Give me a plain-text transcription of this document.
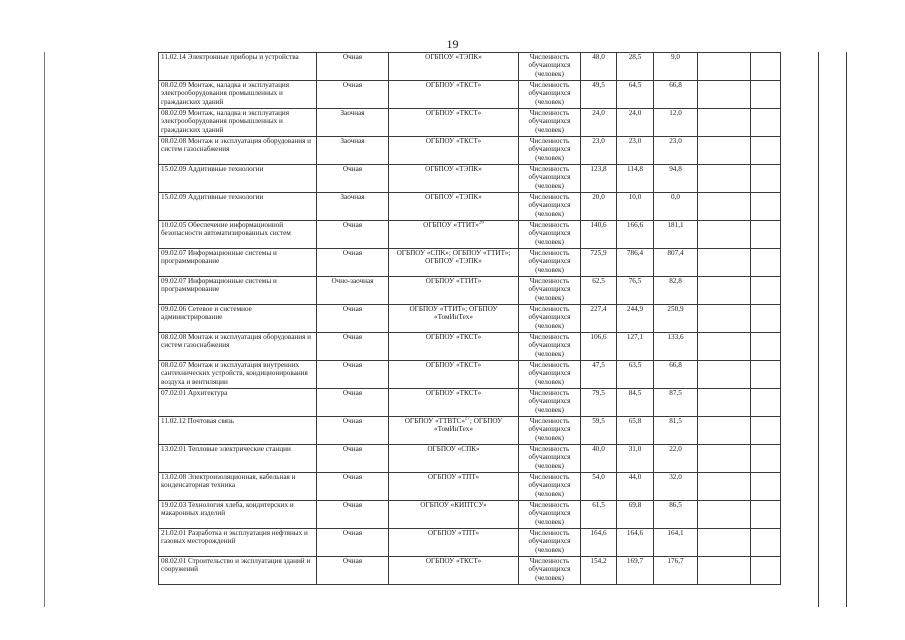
19
11.02.14 Электронные приборы и устройства	Очная	ОГБПОУ «ТЭПК»	Численность обучающихся (человек)	48,0	28,5	9,0		
08.02.09 Монтаж, наладка и эксплуатация электрооборудования промышленных и гражданских зданий	Очная	ОГБПОУ «ТКСТ»	Численность обучающихся (человек)	49,5	64,5	66,8		
08.02.09 Монтаж, наладка и эксплуатация электрооборудования промышленных и гражданских зданий	Заочная	ОГБПОУ «ТКСТ»	Численность обучающихся (человек)	24,0	24,0	12,0		
08.02.08 Монтаж и эксплуатация оборудования и систем газоснабжения	Заочная	ОГБПОУ «ТКСТ»	Численность обучающихся (человек)	23,0	23,0	23,0		
15.02.09 Аддитивные технологии	Очная	ОГБПОУ «ТЭПК»	Численность обучающихся (человек)	123,8	114,8	94,8		
15.02.09 Аддитивные технологии	Заочная	ОГБПОУ «ТЭПК»	Численность обучающихся (человек)	20,0	10,0	0,0		
10.02.05 Обеспечение информационной безопасности автоматизированных систем	Очная	ОГБПОУ «ТТИТ»$^{26}$	Численность обучающихся (человек)	140,6	166,6	181,1		
09.02.07 Информационные системы и программирование	Очная	ОГБПОУ «СПК»; ОГБПОУ «ТТИТ»; ОГБПОУ «ТЭПК»	Численность обучающихся (человек)	725,9	786,4	807,4		
09.02.07 Информационные системы и программирование	Очно-заочная	ОГБПОУ «ТТИТ»	Численность обучающихся (человек)	62,5	76,5	82,8		
09.02.06 Сетевое и системное администрирование	Очная	ОГБПОУ «ТТИТ»; ОГБПОУ «ТомИнТех»	Численность обучающихся (человек)	227,4	244,9	250,9		
08.02.08 Монтаж и эксплуатация оборудования и систем газоснабжения	Очная	ОГБПОУ «ТКСТ»	Численность обучающихся (человек)	106,6	127,1	133,6		
08.02.07 Монтаж и эксплуатация внутренних сантехнических устройств, кондиционирования воздуха и вентиляции	Очная	ОГБПОУ «ТКСТ»	Численность обучающихся (человек)	47,5	63,5	66,8		
07.02.01 Архитектура	Очная	ОГБПОУ «ТКСТ»	Численность обучающихся (человек)	79,5	84,5	87,5		
11.02.12 Почтовая связь	Очная	ОГБПОУ «ТТВТС»$^{27}$; ОГБПОУ «ТомИнТех»	Численность обучающихся (человек)	59,5	65,8	81,5		
13.02.01 Тепловые электрические станции	Очная	ОГБПОУ «СПК»	Численность обучающихся (человек)	40,0	31,0	22,0		
13.02.08 Электроизоляционная, кабельная и конденсаторная техника	Очная	ОГБПОУ «ТПТ»	Численность обучающихся (человек)	54,0	44,0	32,0		
19.02.03 Технология хлеба, кондитерских и макаронных изделий	Очная	ОГБПОУ «КИПТСУ»	Численность обучающихся (человек)	61,5	69,8	86,5		
21.02.01 Разработка и эксплуатация нефтяных и газовых месторождений	Очная	ОГБПОУ «ТПТ»	Численность обучающихся (человек)	164,6	164,6	164,1		
08.02.01 Строительство и эксплуатация зданий и сооружений	Очная	ОГБПОУ «ТКСТ»	Численность обучающихся (человек)	154,2	169,7	176,7		
